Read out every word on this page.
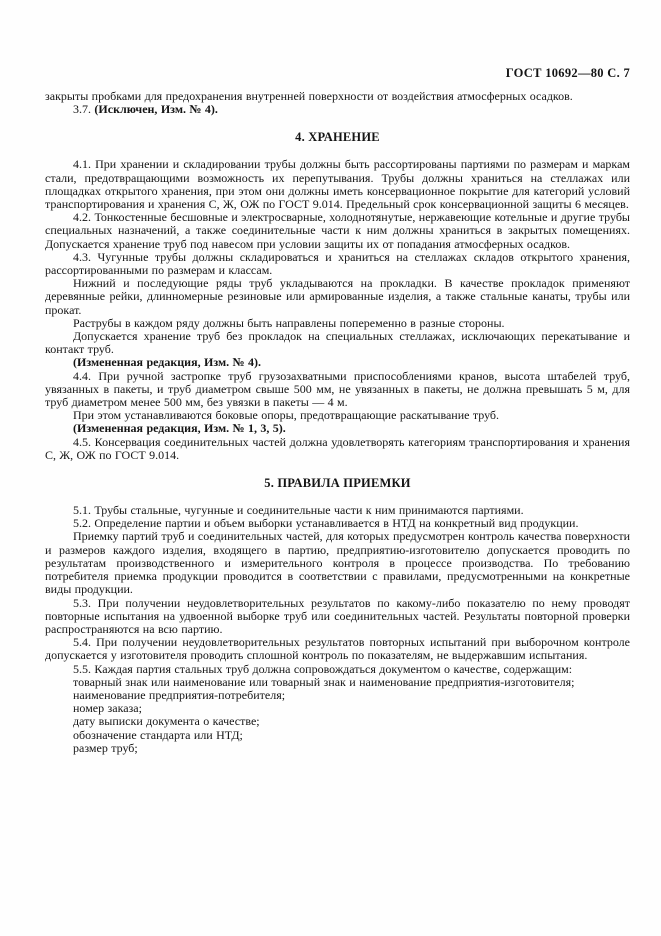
ГОСТ 10692—80 С. 7
закрыты пробками для предохранения внутренней поверхности от воздействия атмосферных осадков.
3.7. (Исключен, Изм. № 4).
4. ХРАНЕНИЕ
4.1. При хранении и складировании трубы должны быть рассортированы партиями по размерам и маркам стали, предотвращающими возможность их перепутывания. Трубы должны храниться на стеллажах или площадках открытого хранения, при этом они должны иметь консервационное покрытие для категорий условий транспортирования и хранения С, Ж, ОЖ по ГОСТ 9.014. Предельный срок консервационной защиты 6 месяцев.
4.2. Тонкостенные бесшовные и электросварные, холоднотянутые, нержавеющие котельные и другие трубы специальных назначений, а также соединительные части к ним должны храниться в закрытых помещениях. Допускается хранение труб под навесом при условии защиты их от попадания атмосферных осадков.
4.3. Чугунные трубы должны складироваться и храниться на стеллажах складов открытого хранения, рассортированными по размерам и классам.
Нижний и последующие ряды труб укладываются на прокладки. В качестве прокладок применяют деревянные рейки, длинномерные резиновые или армированные изделия, а также стальные канаты, трубы или прокат.
Раструбы в каждом ряду должны быть направлены попеременно в разные стороны.
Допускается хранение труб без прокладок на специальных стеллажах, исключающих перекатывание и контакт труб.
(Измененная редакция, Изм. № 4).
4.4. При ручной застропке труб грузозахватными приспособлениями кранов, высота штабелей труб, увязанных в пакеты, и труб диаметром свыше 500 мм, не увязанных в пакеты, не должна превышать 5 м, для труб диаметром менее 500 мм, без увязки в пакеты — 4 м.
При этом устанавливаются боковые опоры, предотвращающие раскатывание труб.
(Измененная редакция, Изм. № 1, 3, 5).
4.5. Консервация соединительных частей должна удовлетворять категориям транспортирования и хранения С, Ж, ОЖ по ГОСТ 9.014.
5. ПРАВИЛА ПРИЕМКИ
5.1. Трубы стальные, чугунные и соединительные части к ним принимаются партиями.
5.2. Определение партии и объем выборки устанавливается в НТД на конкретный вид продукции.
Приемку партий труб и соединительных частей, для которых предусмотрен контроль качества поверхности и размеров каждого изделия, входящего в партию, предприятию-изготовителю допускается проводить по результатам производственного и измерительного контроля в процессе производства. По требованию потребителя приемка продукции проводится в соответствии с правилами, предусмотренными на конкретные виды продукции.
5.3. При получении неудовлетворительных результатов по какому-либо показателю по нему проводят повторные испытания на удвоенной выборке труб или соединительных частей. Результаты повторной проверки распространяются на всю партию.
5.4. При получении неудовлетворительных результатов повторных испытаний при выборочном контроле допускается у изготовителя проводить сплошной контроль по показателям, не выдержавшим испытания.
5.5. Каждая партия стальных труб должна сопровождаться документом о качестве, содержащим:
товарный знак или наименование или товарный знак и наименование предприятия-изготовителя;
наименование предприятия-потребителя;
номер заказа;
дату выписки документа о качестве;
обозначение стандарта или НТД;
размер труб;
